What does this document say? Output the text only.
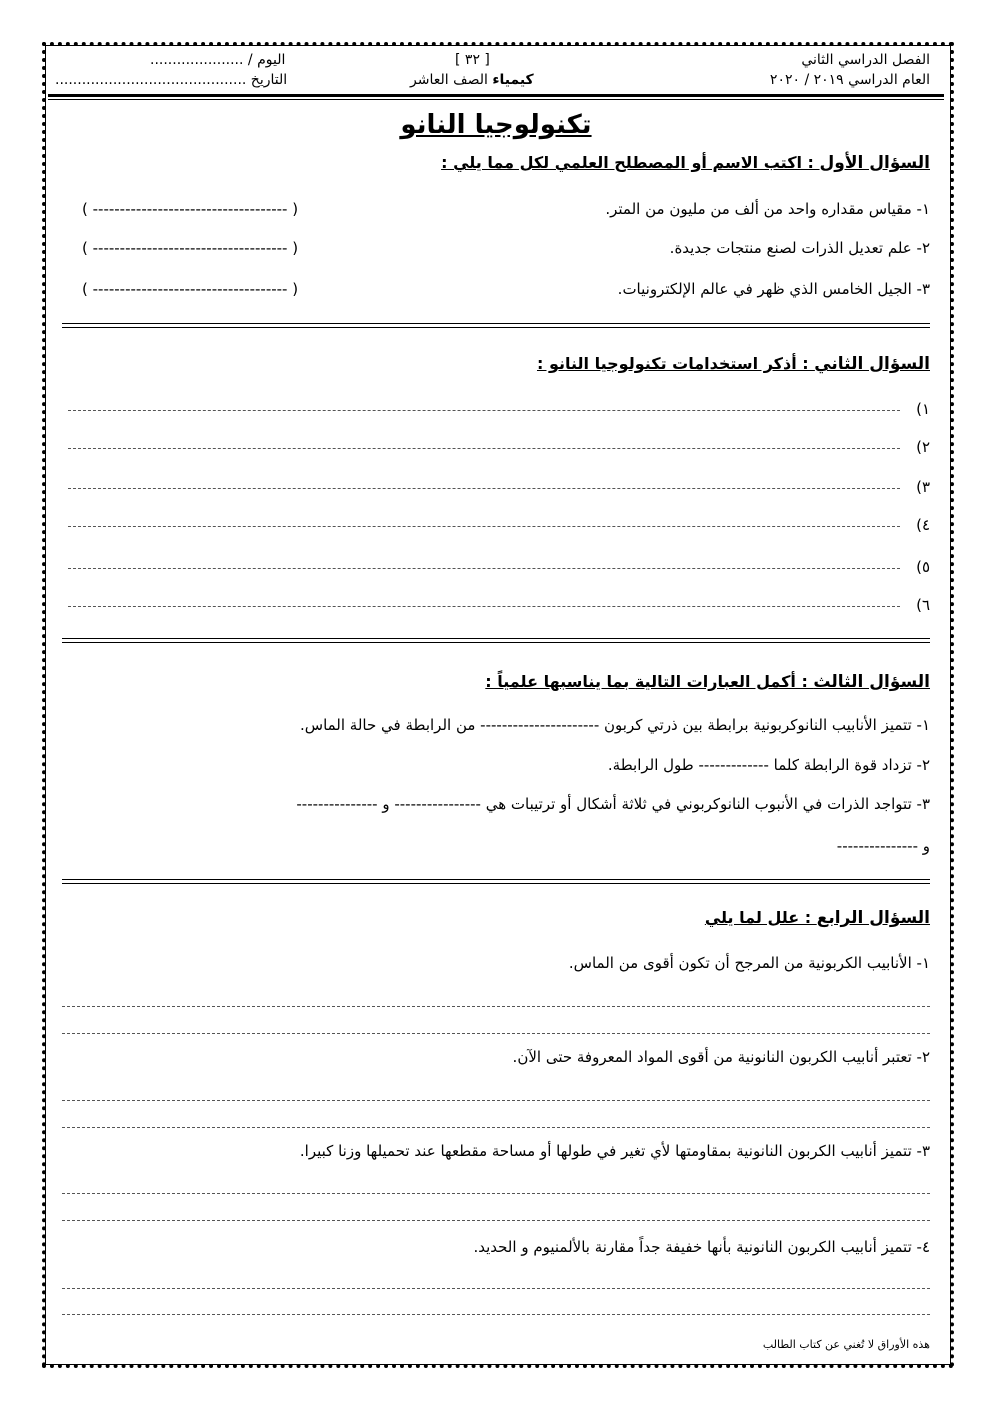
الفصل الدراسي الثاني
العام الدراسي ٢٠١٩ / ٢٠٢٠
[ ٣٢ ]
كيمياء الصف العاشر
اليوم / .....................
التاريخ ...........................................
تكنولوجيا النانو
السؤال الأول : اكتب الاسم أو المصطلح العلمي لكل مما يلي :
١- مقياس مقداره واحد من ألف من مليون من المتر.
٢- علم تعديل الذرات لصنع منتجات جديدة.
٣- الجيل الخامس الذي ظهر في عالم الإلكترونيات.
( ------------------------------------ )
( ------------------------------------ )
( ------------------------------------ )
السؤال الثاني : أذكر استخدامات تكنولوجيا النانو :
١)
٢)
٣)
٤)
٥)
٦)
السؤال الثالث : أكمل العبارات التالية بما يناسبها علمياً :
١- تتميز الأنابيب النانوكربونية برابطة بين ذرتي كربون ---------------------- من الرابطة في حالة الماس.
٢- تزداد قوة الرابطة كلما ------------- طول الرابطة.
٣- تتواجد الذرات في الأنبوب النانوكربوني في ثلاثة أشكال أو ترتيبات هي ---------------- و ---------------
و ---------------
السؤال الرابع : علل لما يلي
١- الأنابيب الكربونية من المرجح أن تكون أقوى من الماس.
٢- تعتبر أنابيب الكربون النانونية من أقوى المواد المعروفة حتى الآن.
٣- تتميز أنابيب الكربون النانونية بمقاومتها لأي تغير في طولها أو مساحة مقطعها عند تحميلها وزنا كبيرا.
٤- تتميز أنابيب الكربون النانونية بأنها خفيفة جداً مقارنة بالألمنيوم و الحديد.
هذه الأوراق لا تُغني عن كتاب الطالب
